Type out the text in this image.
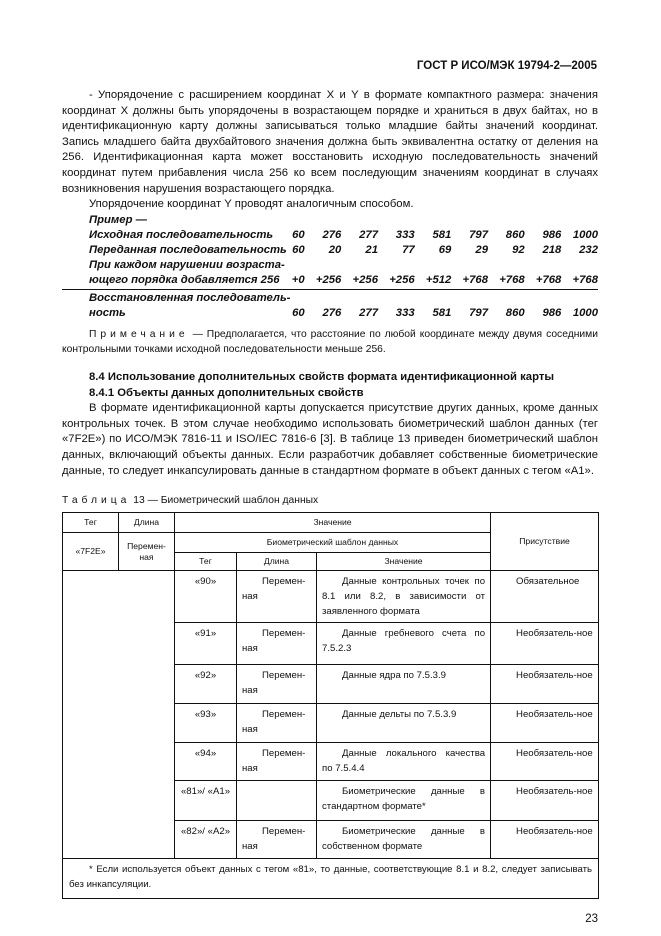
ГОСТ Р ИСО/МЭК 19794-2—2005

- Упорядочение с расширением координат X и Y в формате компактного размера: значения координат X должны быть упорядочены в возрастающем порядке и храниться в двух байтах, но в идентификационную карту должны записываться только младшие байты значений координат. Запись младшего байта двухбайтового значения должна быть эквивалентна остатку от деления на 256. Идентификационная карта может восстановить исходную последовательность значений координат путем прибавления числа 256 ко всем последующим значениям координат в случаях возникновения нарушения возрастающего порядка.

Упорядочение координат Y проводят аналогичным способом.

Пример —
Исходная последовательность	60	276	277	333	581	797	860	986	1000
Переданная последовательность 60	20	21	77	69	29	92	218	232
При каждом нарушении возраста-
ющего порядка добавляется 256	+0 +256 +256 +256 +512 +768 +768 +768 +768
Восстановленная последователь-
ность	60	276	277	333	581	797	860	986	1000

Примечание — Предполагается, что расстояние по любой координате между двумя соседними контрольными точками исходной последовательности меньше 256.

8.4 Использование дополнительных свойств формата идентификационной карты
8.4.1 Объекты данных дополнительных свойств

В формате идентификационной карты допускается присутствие других данных, кроме данных контрольных точек. В этом случае необходимо использовать биометрический шаблон данных (тег «7F2E») по ИСО/МЭК 7816-11 и ISO/IEC 7816-6 [3]. В таблице 13 приведен биометрический шаблон данных, включающий объекты данных. Если разработчик добавляет собственные биометрические данные, то следует инкапсулировать данные в стандартном формате в объект данных с тегом «А1».

Таблица 13 — Биометрический шаблон данных
Тег	Длина	Значение			Присутствие
«7F2E»	Перемен-ная	Биометрический шаблон данных			
		Тег	Длина	Значение	
		«90»	Перемен-ная	Данные контрольных точек по 8.1 или 8.2, в зависимости от заявленного формата	Обязательное
		«91»	Перемен-ная	Данные гребневого счета по 7.5.2.3	Необязатель-ное
		«92»	Перемен-ная	Данные ядра по 7.5.3.9	Необязатель-ное
		«93»	Перемен-ная	Данные дельты по 7.5.3.9	Необязатель-ное
		«94»	Перемен-ная	Данные локального качества по 7.5.4.4	Необязатель-ное
		«81»/ «А1»		Биометрические данные в стандартном формате*	Необязатель-ное
		«82»/ «А2»	Перемен-ная	Биометрические данные в собственном формате	Необязатель-ное
* Если используется объект данных с тегом «81», то данные, соответствующие 8.1 и 8.2, следует записывать без инкапсуляции.					
23
